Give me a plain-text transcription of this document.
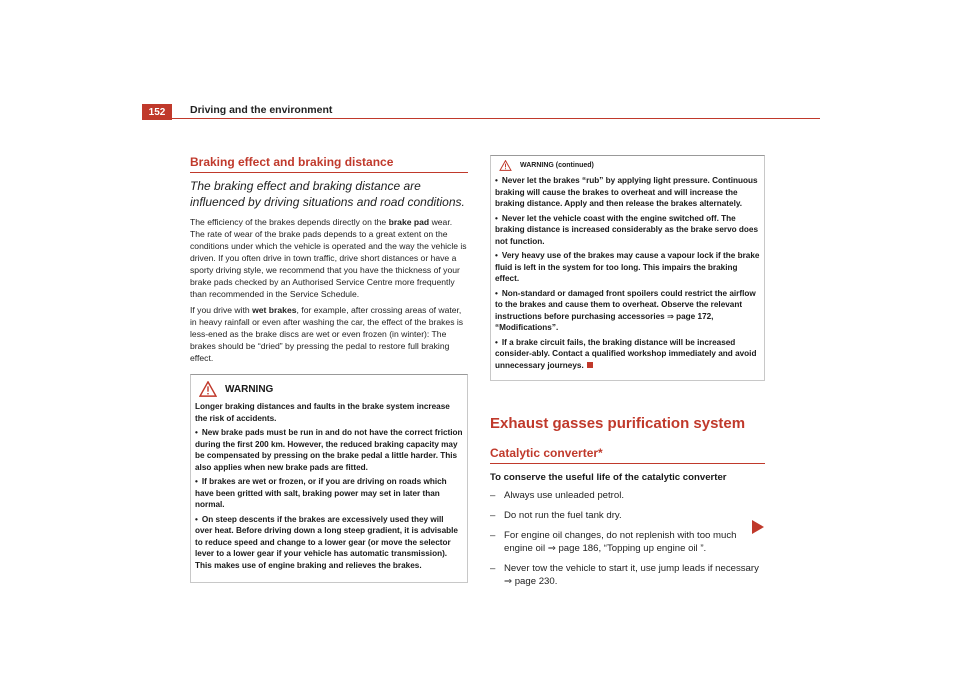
152	Driving and the environment
Braking effect and braking distance

The braking effect and braking distance are influenced by driving situations and road conditions.

The efficiency of the brakes depends directly on the brake pad wear. The rate of wear of the brake pads depends to a great extent on the conditions under which the vehicle is operated and the way the vehicle is driven. If you often drive in town traffic, drive short distances or have a sporty driving style, we recommend that you have the thickness of your brake pads checked by an Authorised Service Centre more frequently than recommended in the Service Schedule.

If you drive with wet brakes, for example, after crossing areas of water, in heavy rainfall or even after washing the car, the effect of the brakes is less-ened as the brake discs are wet or even frozen (in winter): The brakes should be “dried” by pressing the pedal to restore full braking effect.

WARNING

Longer braking distances and faults in the brake system increase the risk of accidents.

• New brake pads must be run in and do not have the correct friction during the first 200 km. However, the reduced braking capacity may be compensated by pressing on the brake pedal a little harder. This also applies when new brake pads are fitted.

• If brakes are wet or frozen, or if you are driving on roads which have been gritted with salt, braking power may set in later than normal.

• On steep descents if the brakes are excessively used they will over heat. Before driving down a long steep gradient, it is advisable to reduce speed and change to a lower gear (or move the selector lever to a lower gear if your vehicle has automatic transmission). This makes use of engine braking and relieves the brakes.

WARNING (continued)

• Never let the brakes “rub” by applying light pressure. Continuous braking will cause the brakes to overheat and will increase the braking distance. Apply and then release the brakes alternately.

• Never let the vehicle coast with the engine switched off. The braking distance is increased considerably as the brake servo does not function.

• Very heavy use of the brakes may cause a vapour lock if the brake fluid is left in the system for too long. This impairs the braking effect.

• Non-standard or damaged front spoilers could restrict the airflow to the brakes and cause them to overheat. Observe the relevant instructions before purchasing accessories ⇒ page 172, “Modifications”.

• If a brake circuit fails, the braking distance will be increased consider-ably. Contact a qualified workshop immediately and avoid unnecessary journeys.

Exhaust gasses purification system
Catalytic converter*

To conserve the useful life of the catalytic converter

– Always use unleaded petrol.
– Do not run the fuel tank dry.
– For engine oil changes, do not replenish with too much engine oil ⇒ page 186, “Topping up engine oil ”.
– Never tow the vehicle to start it, use jump leads if necessary ⇒ page 230.
